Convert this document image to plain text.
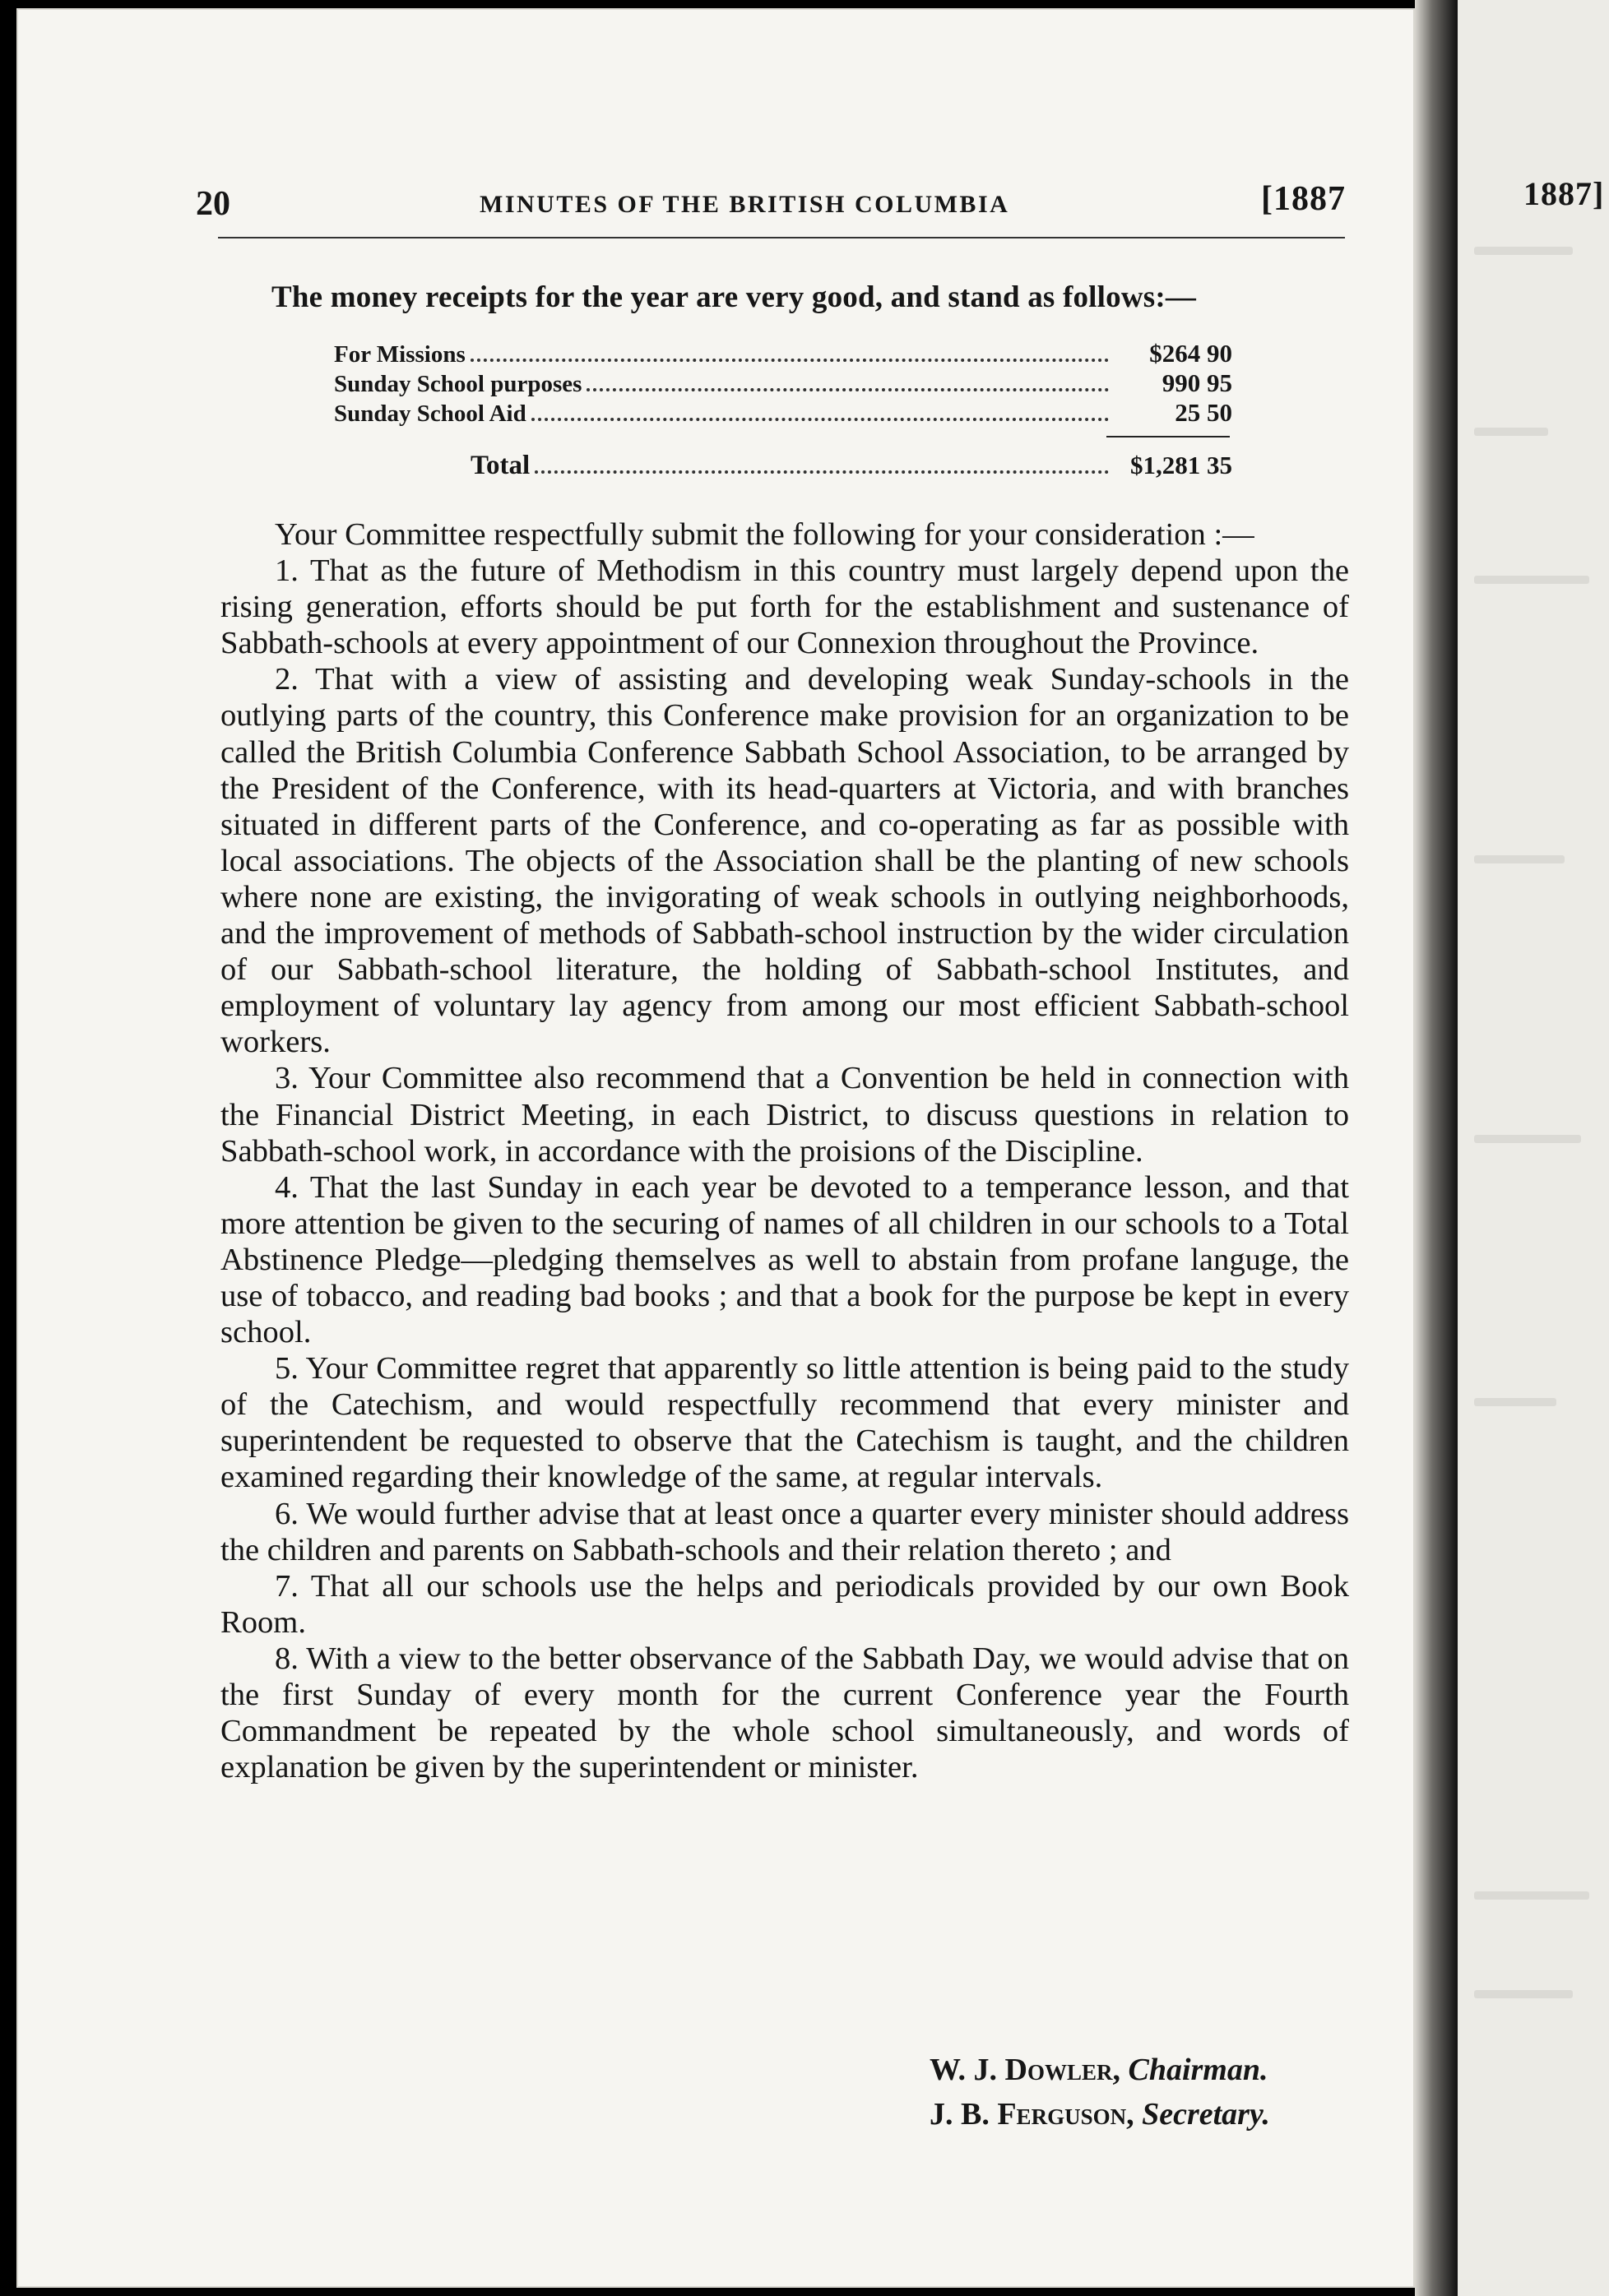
1887]
20	MINUTES OF THE BRITISH COLUMBIA	[1887
The money receipts for the year are very good, and stand as follows:—
For Missions	$264 90
Sunday School purposes	990 95
Sunday School Aid	25 50
Total	$1,281 35

Your Committee respectfully submit the following for your consideration :—

1. That as the future of Methodism in this country must largely depend upon the rising generation, efforts should be put forth for the establishment and sustenance of Sabbath-schools at every appointment of our Connexion throughout the Province.

2. That with a view of assisting and developing weak Sunday-schools in the outlying parts of the country, this Conference make provision for an organization to be called the British Columbia Conference Sabbath School Association, to be arranged by the President of the Conference, with its head-quarters at Victoria, and with branches situated in different parts of the Conference, and co-operating as far as possible with local associations. The objects of the Association shall be the planting of new schools where none are existing, the invigorating of weak schools in outlying neighborhoods, and the improvement of methods of Sabbath-school instruction by the wider circulation of our Sabbath-school literature, the holding of Sabbath-school Institutes, and employment of voluntary lay agency from among our most efficient Sabbath-school workers.

3. Your Committee also recommend that a Convention be held in connection with the Financial District Meeting, in each District, to discuss questions in relation to Sabbath-school work, in accordance with the proisions of the Discipline.

4. That the last Sunday in each year be devoted to a temperance lesson, and that more attention be given to the securing of names of all children in our schools to a Total Abstinence Pledge—pledging themselves as well to abstain from profane languge, the use of tobacco, and reading bad books ; and that a book for the purpose be kept in every school.

5. Your Committee regret that apparently so little attention is being paid to the study of the Catechism, and would respectfully recommend that every minister and superintendent be requested to observe that the Catechism is taught, and the children examined regarding their knowledge of the same, at regular intervals.

6. We would further advise that at least once a quarter every minister should address the children and parents on Sabbath-schools and their relation thereto ; and

7. That all our schools use the helps and periodicals provided by our own Book Room.

8. With a view to the better observance of the Sabbath Day, we would advise that on the first Sunday of every month for the current Conference year the Fourth Commandment be repeated by the whole school simultaneously, and words of explanation be given by the superintendent or minister.

W. J. Dowler, Chairman.
J. B. Ferguson, Secretary.
